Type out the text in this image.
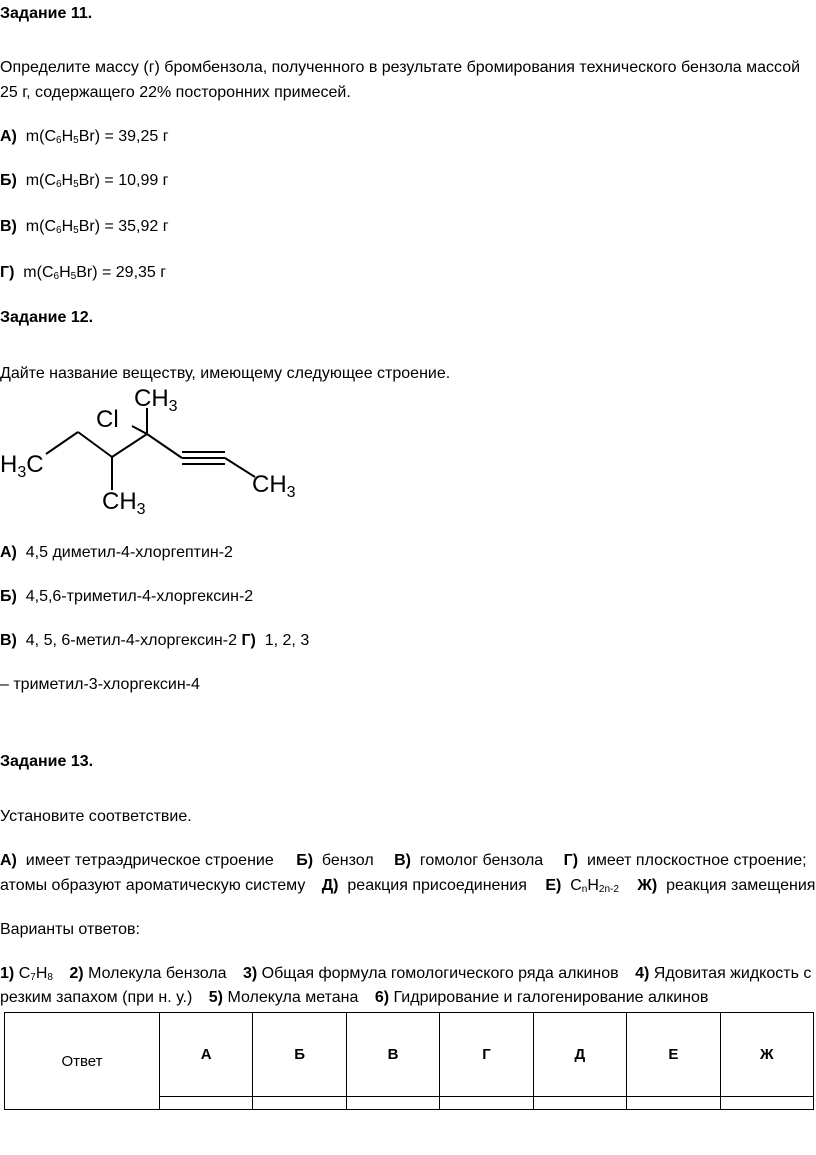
Задание 11.
Определите массу (г) бромбензола, полученного в результате бромирования технического бензола массой
25 г, содержащего 22% посторонних примесей.
А) $m(C_6H_5Br) = 39,25$ г
Б) $m(C_6H_5Br) = 10,99$ г
В) $m(C_6H_5Br) = 35,92$ г
Г) $m(C_6H_5Br) = 29,35$ г
Задание 12.
Дайте название веществу, имеющему следующее строение.
$CH_3$
Cl
$H_3C$
$CH_3$
$CH_3$
А) 4,5 диметил-4-хлоргептин-2
Б) 4,5,6-триметил-4-хлоргексин-2
В) 4, 5, 6-метил-4-хлоргексин-2 Г) 1, 2, 3
– триметил-3-хлоргексин-4
Задание 13.
Установите соответствие.
А) имеет тетраэдрическое строение Б) бензол В) гомолог бензола Г) имеет плоскостное строение;
атомы образуют ароматическую систему Д) реакция присоединения Е) $C_nH_{2n-2}$ Ж) реакция замещения
Варианты ответов:
1) $C_7H_8$ 2) Молекула бензола 3) Общая формула гомологического ряда алкинов 4) Ядовитая жидкость с
резким запахом (при н. у.) 5) Молекула метана 6) Гидрирование и галогенирование алкинов
Ответ	А	Б	В	Г	Д	Е	Ж
